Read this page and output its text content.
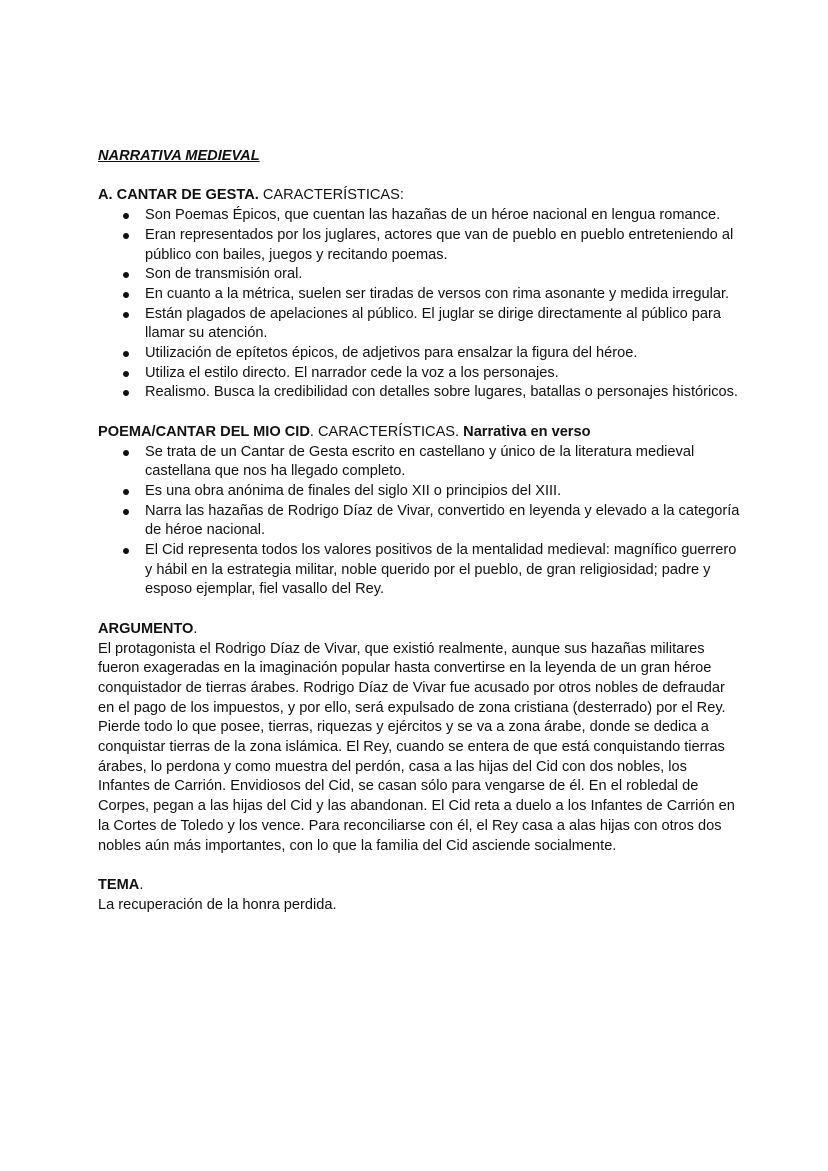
NARRATIVA MEDIEVAL
A. CANTAR DE GESTA. CARACTERÍSTICAS:
Son Poemas Épicos, que cuentan las hazañas de un héroe nacional en lengua romance.
Eran representados por los juglares, actores que van de pueblo en pueblo entreteniendo al público con bailes, juegos y recitando poemas.
Son de transmisión oral.
En cuanto a la métrica, suelen ser tiradas de versos con rima asonante y medida irregular.
Están plagados de apelaciones al público. El juglar se dirige directamente al público para llamar su atención.
Utilización de epítetos épicos, de adjetivos para ensalzar la figura del héroe.
Utiliza el estilo directo. El narrador cede la voz a los personajes.
Realismo. Busca la credibilidad con detalles sobre lugares, batallas o personajes históricos.
POEMA/CANTAR DEL MIO CID. CARACTERÍSTICAS. Narrativa en verso
Se trata de un Cantar de Gesta escrito en castellano y único de la literatura medieval castellana que nos ha llegado completo.
Es una obra anónima de finales del siglo XII o principios del XIII.
Narra las hazañas de Rodrigo Díaz de Vivar, convertido en leyenda y elevado a la categoría de héroe nacional.
El Cid representa todos los valores positivos de la mentalidad medieval: magnífico guerrero y hábil en la estrategia militar, noble querido por el pueblo, de gran religiosidad; padre y esposo ejemplar, fiel vasallo del Rey.
ARGUMENTO.

El protagonista el Rodrigo Díaz de Vivar, que existió realmente, aunque sus hazañas militares fueron exageradas en la imaginación popular hasta convertirse en la leyenda de un gran héroe conquistador de tierras árabes. Rodrigo Díaz de Vivar fue acusado por otros nobles de defraudar en el pago de los impuestos, y por ello, será expulsado de zona cristiana (desterrado) por el Rey. Pierde todo lo que posee, tierras, riquezas y ejércitos y se va a zona árabe, donde se dedica a conquistar tierras de la zona islámica. El Rey, cuando se entera de que está conquistando tierras árabes, lo perdona y como muestra del perdón, casa a las hijas del Cid con dos nobles, los Infantes de Carrión. Envidiosos del Cid, se casan sólo para vengarse de él. En el robledal de Corpes, pegan a las hijas del Cid y las abandonan. El Cid reta a duelo a los Infantes de Carrión en la Cortes de Toledo y los vence. Para reconciliarse con él, el Rey casa a alas hijas con otros dos nobles aún más importantes, con lo que la familia del Cid asciende socialmente.

TEMA.

La recuperación de la honra perdida.
